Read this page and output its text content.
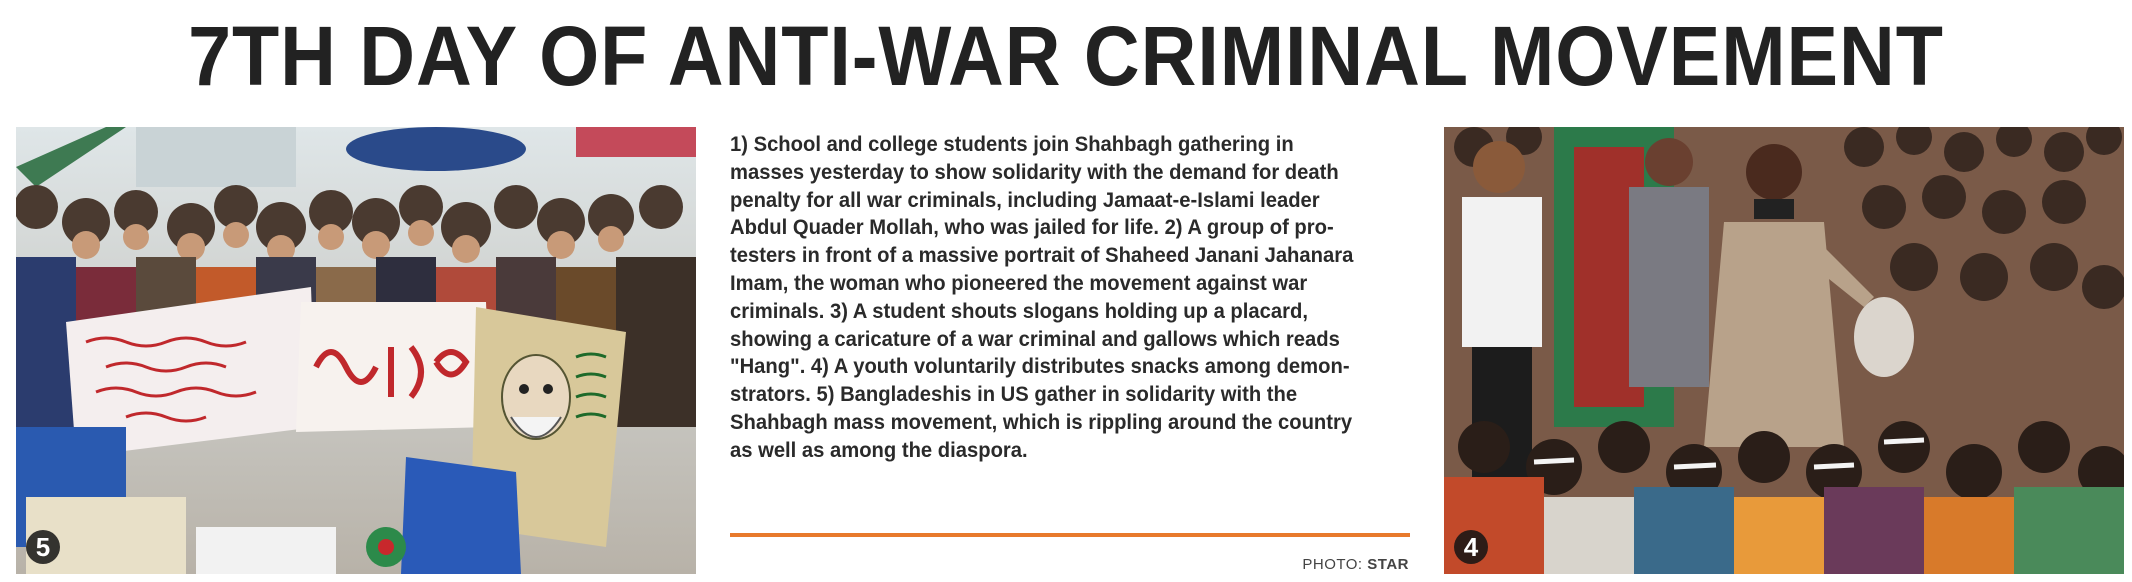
7TH DAY OF ANTI-WAR CRIMINAL MOVEMENT
5
1) School and college students join Shahbagh gathering in
masses yesterday to show solidarity with the demand for death
penalty for all war criminals, including Jamaat-e-Islami leader
Abdul Quader Mollah, who was jailed for life. 2) A group of pro-
testers in front of a massive portrait of Shaheed Janani Jahanara
Imam, the woman who pioneered the movement against war
criminals. 3) A student shouts slogans holding up a placard,
showing a caricature of a war criminal and gallows which reads
"Hang". 4) A youth voluntarily distributes snacks among demon-
strators. 5) Bangladeshis in US gather in solidarity with the
Shahbagh mass movement, which is rippling around the country
as well as among the diaspora.
PHOTO: STAR
4
